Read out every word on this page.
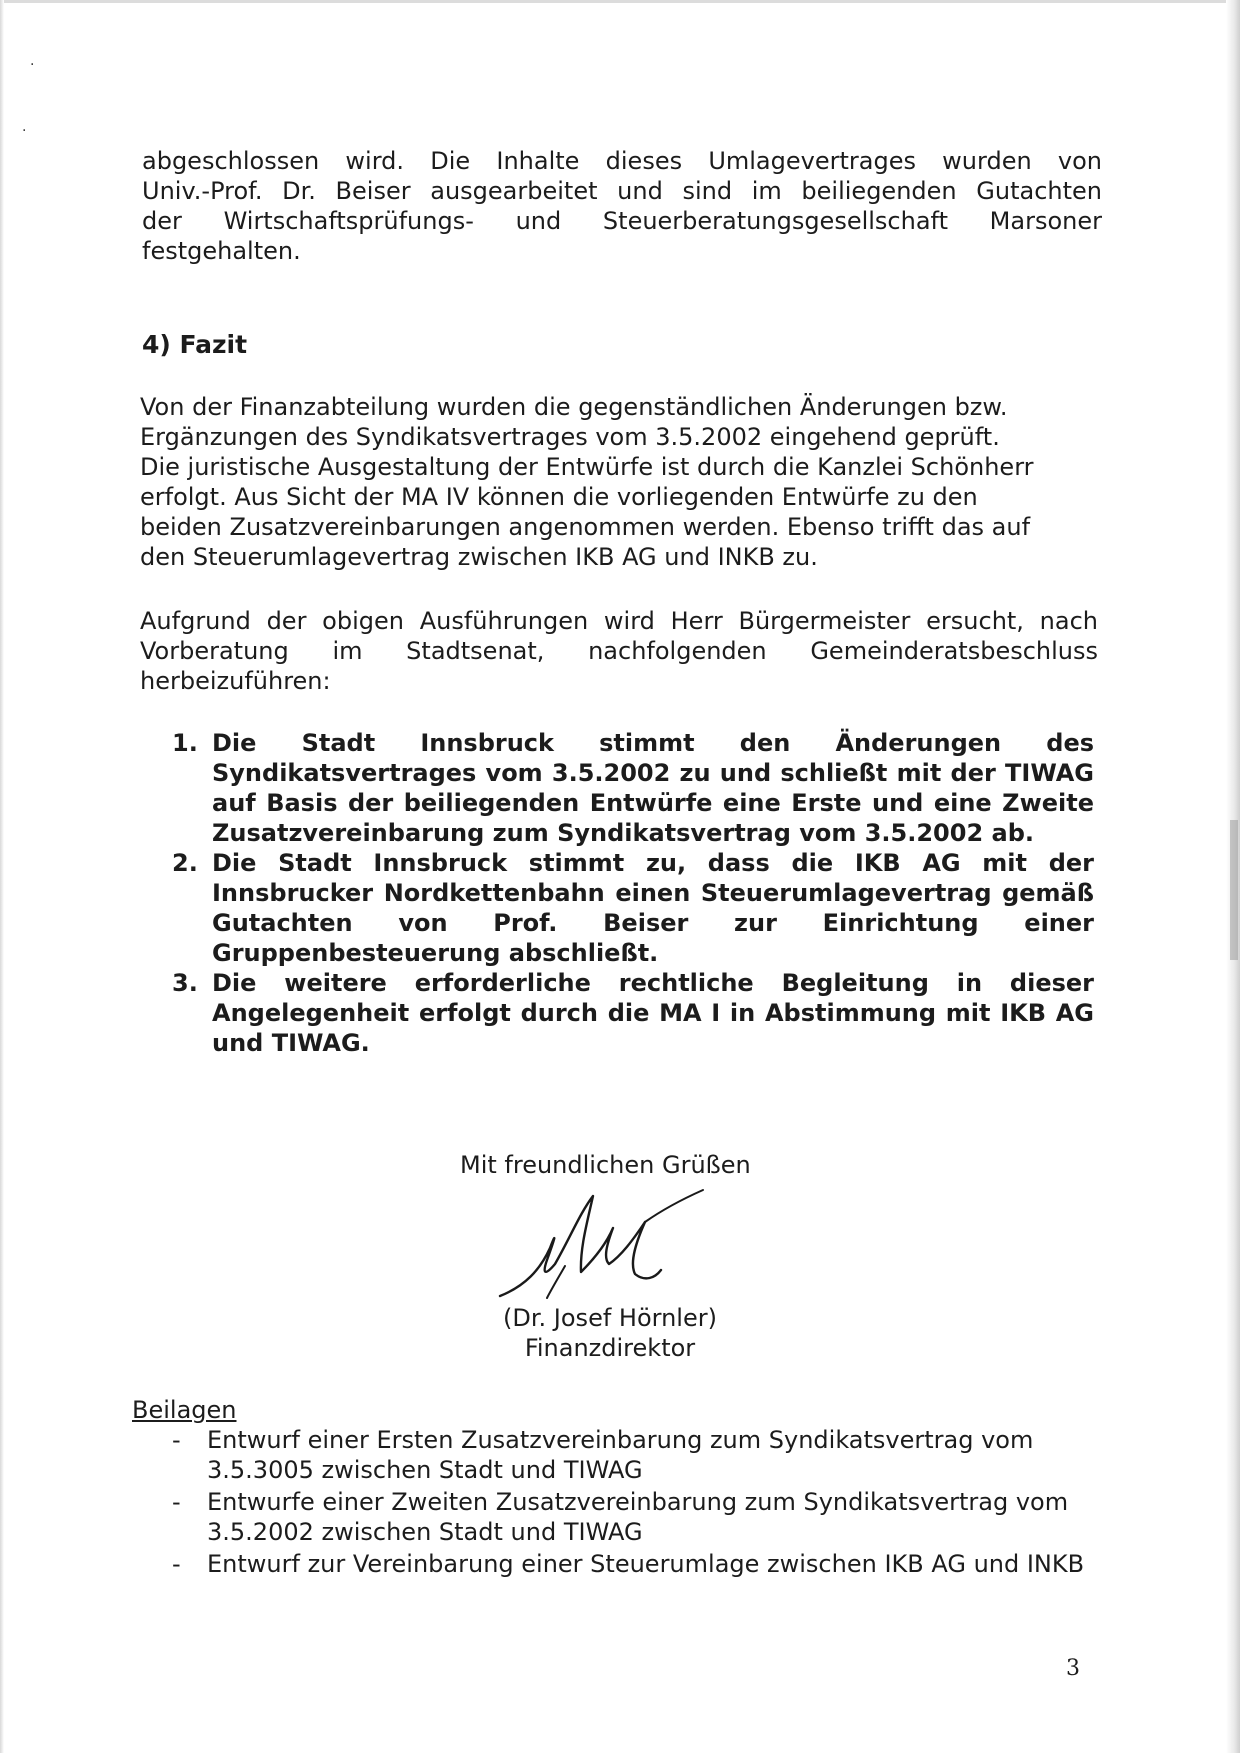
·
·
abgeschlossen wird. Die Inhalte dieses Umlagevertrages wurden von
Univ.-Prof. Dr. Beiser ausgearbeitet und sind im beiliegenden Gutachten
der Wirtschaftsprüfungs- und Steuerberatungsgesellschaft Marsoner
festgehalten.
4) Fazit
Von der Finanzabteilung wurden die gegenständlichen Änderungen bzw.
Ergänzungen des Syndikatsvertrages vom 3.5.2002 eingehend geprüft.
Die juristische Ausgestaltung der Entwürfe ist durch die Kanzlei Schönherr
erfolgt. Aus Sicht der MA IV können die vorliegenden Entwürfe zu den
beiden Zusatzvereinbarungen angenommen werden. Ebenso trifft das auf
den Steuerumlagevertrag zwischen IKB AG und INKB zu.
Aufgrund der obigen Ausführungen wird Herr Bürgermeister ersucht, nach
Vorberatung im Stadtsenat, nachfolgenden Gemeinderatsbeschluss
herbeizuführen:
1. Die Stadt Innsbruck stimmt den Änderungen des Syndikatsvertrages vom 3.5.2002 zu und schließt mit der TIWAG auf Basis der beiliegenden Entwürfe eine Erste und eine Zweite Zusatzvereinbarung zum Syndikatsvertrag vom 3.5.2002 ab.
2. Die Stadt Innsbruck stimmt zu, dass die IKB AG mit der Innsbrucker Nordkettenbahn einen Steuerumlagevertrag gemäß Gutachten von Prof. Beiser zur Einrichtung einer Gruppenbesteuerung abschließt.
3. Die weitere erforderliche rechtliche Begleitung in dieser Angelegenheit erfolgt durch die MA I in Abstimmung mit IKB AG und TIWAG.
Mit freundlichen Grüßen
(Dr. Josef Hörnler)
Finanzdirektor
Beilagen
- Entwurf einer Ersten Zusatzvereinbarung zum Syndikatsvertrag vom 3.5.3005 zwischen Stadt und TIWAG
- Entwurfe einer Zweiten Zusatzvereinbarung zum Syndikatsvertrag vom 3.5.2002 zwischen Stadt und TIWAG
- Entwurf zur Vereinbarung einer Steuerumlage zwischen IKB AG und INKB
3
